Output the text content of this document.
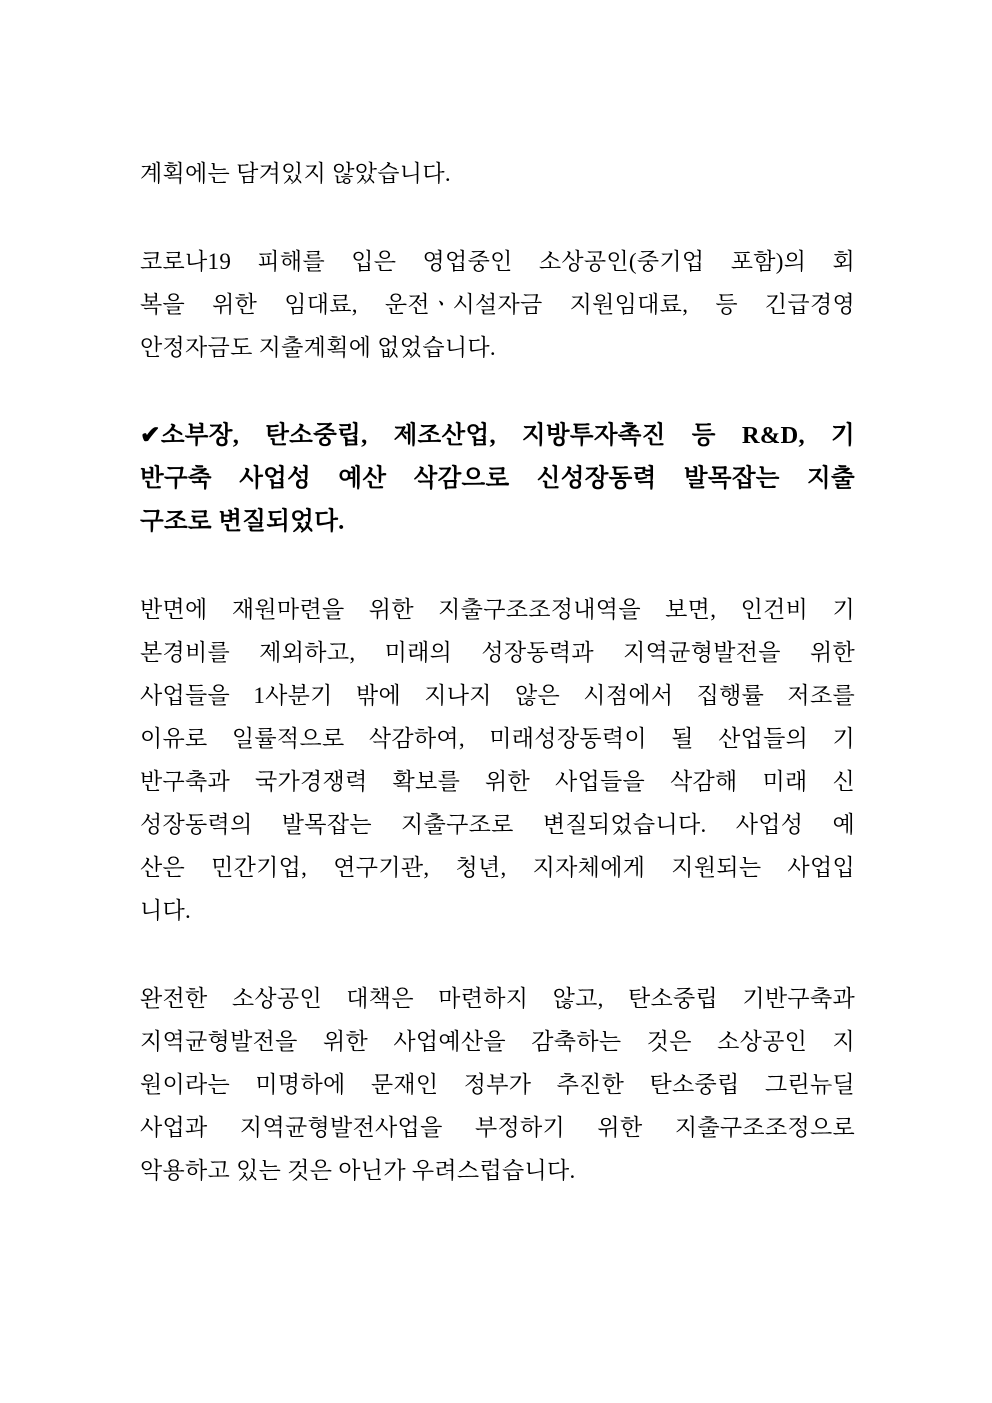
계획에는 담겨있지 않았습니다.
코로나19 피해를 입은 영업중인 소상공인(중기업 포함)의 회
복을 위한 임대료, 운전ㆍ시설자금 지원임대료, 등 긴급경영
안정자금도 지출계획에 없었습니다.
✔소부장, 탄소중립, 제조산업, 지방투자촉진 등 R&D, 기
반구축 사업성 예산 삭감으로 신성장동력 발목잡는 지출
구조로 변질되었다.
반면에 재원마련을 위한 지출구조조정내역을 보면, 인건비 기
본경비를 제외하고, 미래의 성장동력과 지역균형발전을 위한
사업들을 1사분기 밖에 지나지 않은 시점에서 집행률 저조를
이유로 일률적으로 삭감하여, 미래성장동력이 될 산업들의 기
반구축과 국가경쟁력 확보를 위한 사업들을 삭감해 미래 신
성장동력의 발목잡는 지출구조로 변질되었습니다. 사업성 예
산은 민간기업, 연구기관, 청년, 지자체에게 지원되는 사업입
니다.
완전한 소상공인 대책은 마련하지 않고, 탄소중립 기반구축과
지역균형발전을 위한 사업예산을 감축하는 것은 소상공인 지
원이라는 미명하에 문재인 정부가 추진한 탄소중립 그린뉴딜
사업과 지역균형발전사업을 부정하기 위한 지출구조조정으로
악용하고 있는 것은 아닌가 우려스럽습니다.
